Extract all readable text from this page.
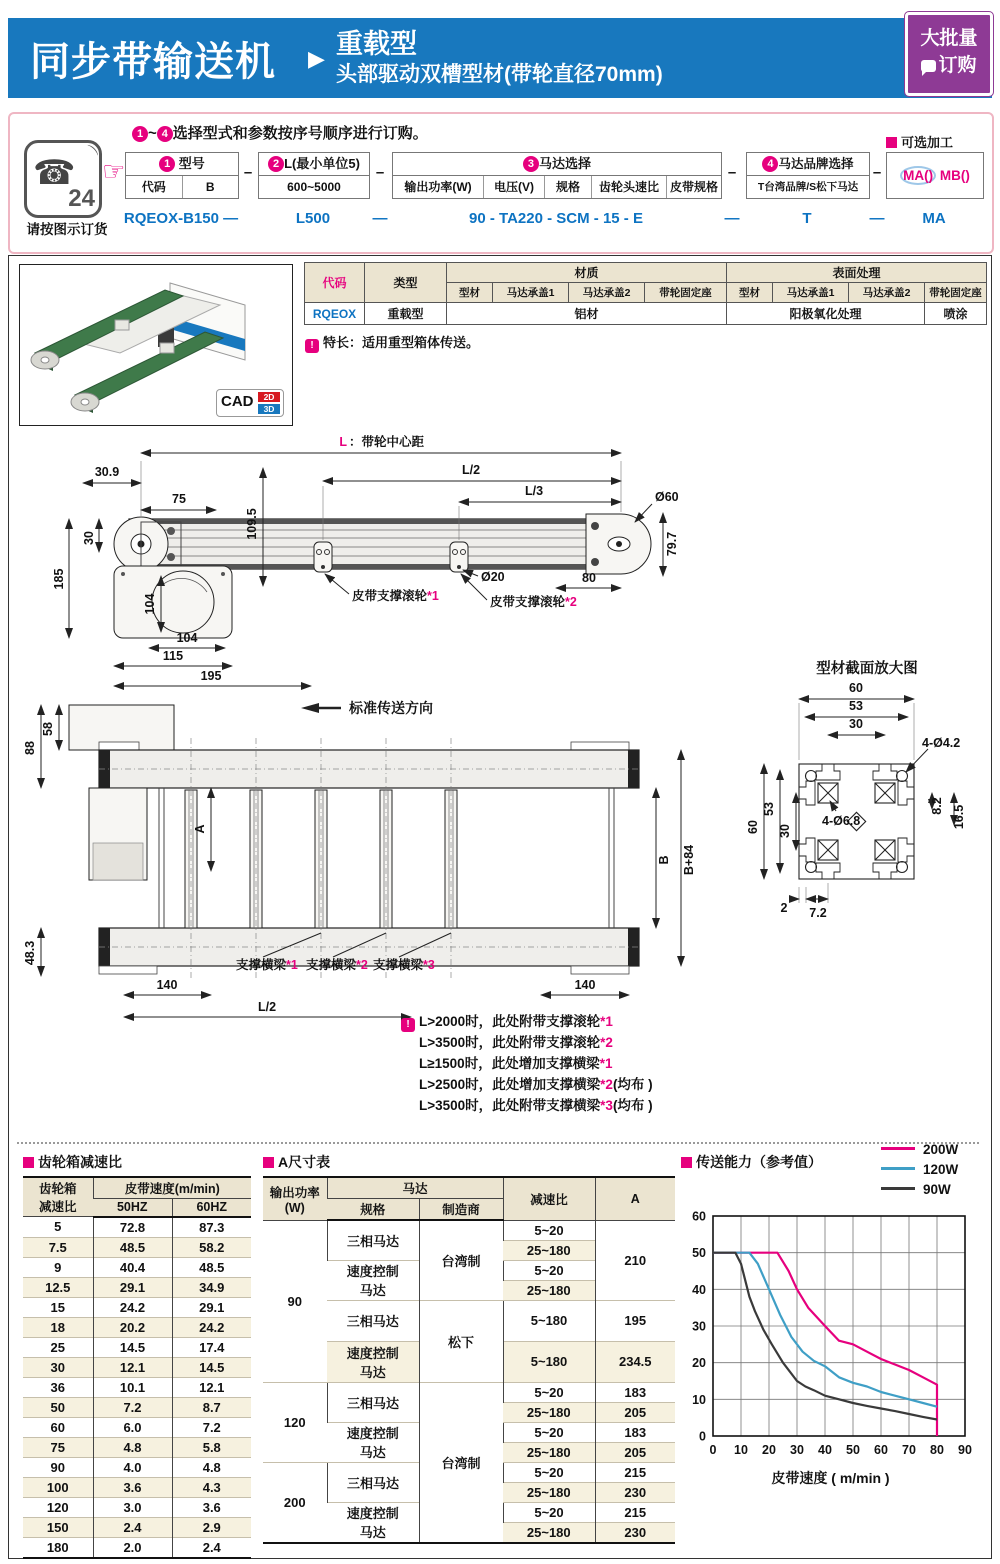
同步带输送机 ▶ 重载型
头部驱动双槽型材(带轮直径70mm)
大批量
订购
☎ ⌒
24
请按图示订货
☞
1 ~ 4 选择型式和参数按序号顺序进行订购。
1 型号
代码	B
–	2 L(最小单位5)
600~5000
–	3 马达选择
输出功率(W)	电压(V)	规格	齿轮头速比 皮带规格
–	4 马达品牌选择
T台湾品牌/S松下马达
–
可选加工
MA() MB()
RQEOX-B150 —	L500	—	90 - TA220 - SCM - 15 - E	—	T	—	MA
CAD	2D
3D
代码	类型	材质				表面处理			
		型材	马达承盖1	马达承盖2	带轮固定座	型材	马达承盖1	马达承盖2	带轮固定座
RQEOX	重载型	铝材				阳极氧化处理			喷涂
! 特长：适用重型箱体传送。
L ：带轮中心距
L/2
L/3
30.9
75
30
185
109.5
104
104
115
195
Ø60
79.7
80
Ø20
皮带支撑滚轮*1	皮带支撑滚轮*2
标准传送方向
88
58
A
B B+84
48.3
140
L/2
140
支撑横梁*1 支撑横梁*2 支撑横梁*3
型材截面放大图
60
53
30
4-Ø4.2
4-Ø6.8
8.2 16.5
60
53
30
2 7.2
! L>2000时，此处附带支撑滚轮*1
L>3500时，此处附带支撑滚轮*2
L≥1500时，此处增加支撑横梁*1
L>2500时，此处增加支撑横梁*2(均布 )
L>3500时，此处附带支撑横梁*3(均布 )
齿轮箱减速比
齿轮箱
减速比	皮带速度(m/min)	
	50HZ	60HZ
5	72.8	87.3
7.5	48.5	58.2
9	40.4	48.5
12.5	29.1	34.9
15	24.2	29.1
18	20.2	24.2
25	14.5	17.4
30	12.1	14.5
36	10.1	12.1
50	7.2	8.7
60	6.0	7.2
75	4.8	5.8
90	4.0	4.8
100	3.6	4.3
120	3.0	3.6
150	2.4	2.9
180	2.0	2.4
A尺寸表
输出功率
(W)	马达		减速比	A
	规格	制造商		
90	三相马达	台湾制	5~20	210
			25~180	
	速度控制
马达		5~20	
			25~180	
	三相马达	松下	5~180	195
	速度控制
马达		5~180	234.5
120	三相马达	台湾制	5~20	183
			25~180	205
	速度控制
马达		5~20	183
			25~180	205
200	三相马达		5~20	215
			25~180	230
	速度控制
马达		5~20	215
			25~180	230
传送能力（参考值）
200W
120W
90W
0 10 20 30 40 50 60 70 80 90
0
10
20
30
40
50
60
皮带速度 ( m/min )
